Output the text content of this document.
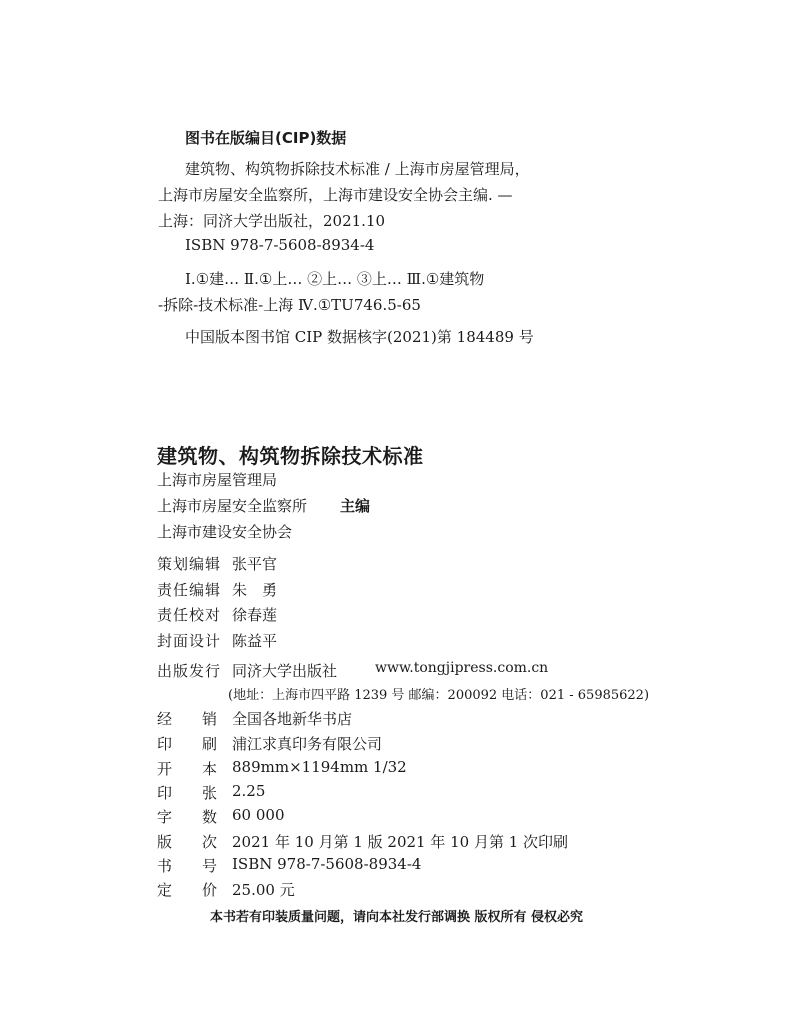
图书在版编目(CIP)数据
建筑物、构筑物拆除技术标准 / 上海市房屋管理局，
上海市房屋安全监察所，上海市建设安全协会主编. —
上海：同济大学出版社，2021.10
ISBN 978-7-5608-8934-4
Ⅰ.①建… Ⅱ.①上… ②上… ③上… Ⅲ.①建筑物
-拆除-技术标准-上海 Ⅳ.①TU746.5-65
中国版本图书馆 CIP 数据核字(2021)第 184489 号
建筑物、构筑物拆除技术标准
上海市房屋管理局
上海市房屋安全监察所 主编
上海市建设安全协会
策划编辑 张平官
责任编辑 朱　勇
责任校对 徐春莲
封面设计 陈益平
出版发行 同济大学出版社	www.tongjipress.com.cn
(地址：上海市四平路 1239 号 邮编：200092 电话：021 - 65985622)
经 销 全国各地新华书店
印 刷 浦江求真印务有限公司
开 本 889mm×1194mm 1/32
印 张 2.25
字 数 60 000
版 次 2021 年 10 月第 1 版 2021 年 10 月第 1 次印刷
书 号 ISBN 978-7-5608-8934-4
定 价 25.00 元
本书若有印装质量问题，请向本社发行部调换 版权所有 侵权必究
